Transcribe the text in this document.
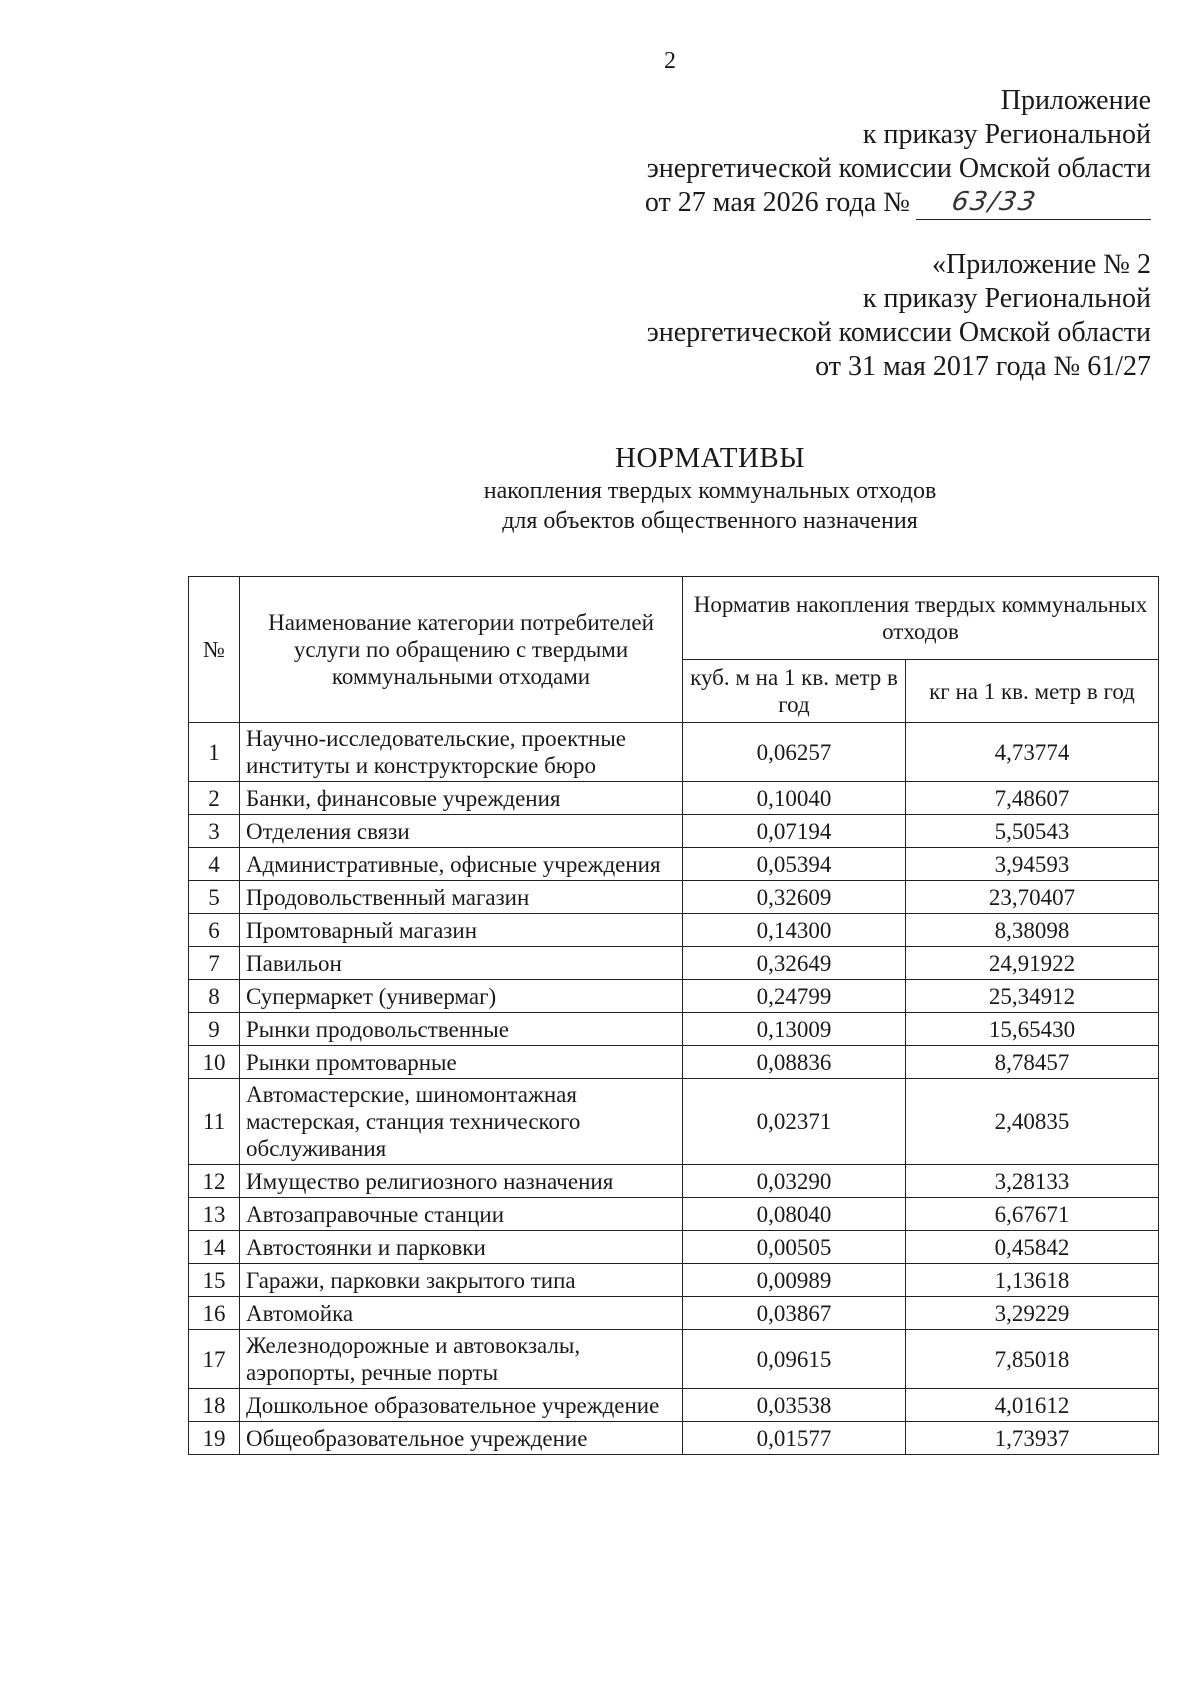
2
Приложение
к приказу Региональной
энергетической комиссии Омской области
от 27 мая 2026 года № 63/33
«Приложение № 2
к приказу Региональной
энергетической комиссии Омской области
от 31 мая 2017 года № 61/27
НОРМАТИВЫ
накопления твердых коммунальных отходов
для объектов общественного назначения
№	Наименование категории потребителей услуги по обращению с твердыми коммунальными отходами	Норматив накопления твердых коммунальных отходов	
		куб. м на 1 кв. метр в год	кг на 1 кв. метр в год
1	Научно-исследовательские, проектные институты и конструкторские бюро	0,06257	4,73774
2	Банки, финансовые учреждения	0,10040	7,48607
3	Отделения связи	0,07194	5,50543
4	Административные, офисные учреждения	0,05394	3,94593
5	Продовольственный магазин	0,32609	23,70407
6	Промтоварный магазин	0,14300	8,38098
7	Павильон	0,32649	24,91922
8	Супермаркет (универмаг)	0,24799	25,34912
9	Рынки продовольственные	0,13009	15,65430
10	Рынки промтоварные	0,08836	8,78457
11	Автомастерские, шиномонтажная мастерская, станция технического обслуживания	0,02371	2,40835
12	Имущество религиозного назначения	0,03290	3,28133
13	Автозаправочные станции	0,08040	6,67671
14	Автостоянки и парковки	0,00505	0,45842
15	Гаражи, парковки закрытого типа	0,00989	1,13618
16	Автомойка	0,03867	3,29229
17	Железнодорожные и автовокзалы, аэропорты, речные порты	0,09615	7,85018
18	Дошкольное образовательное учреждение	0,03538	4,01612
19	Общеобразовательное учреждение	0,01577	1,73937
